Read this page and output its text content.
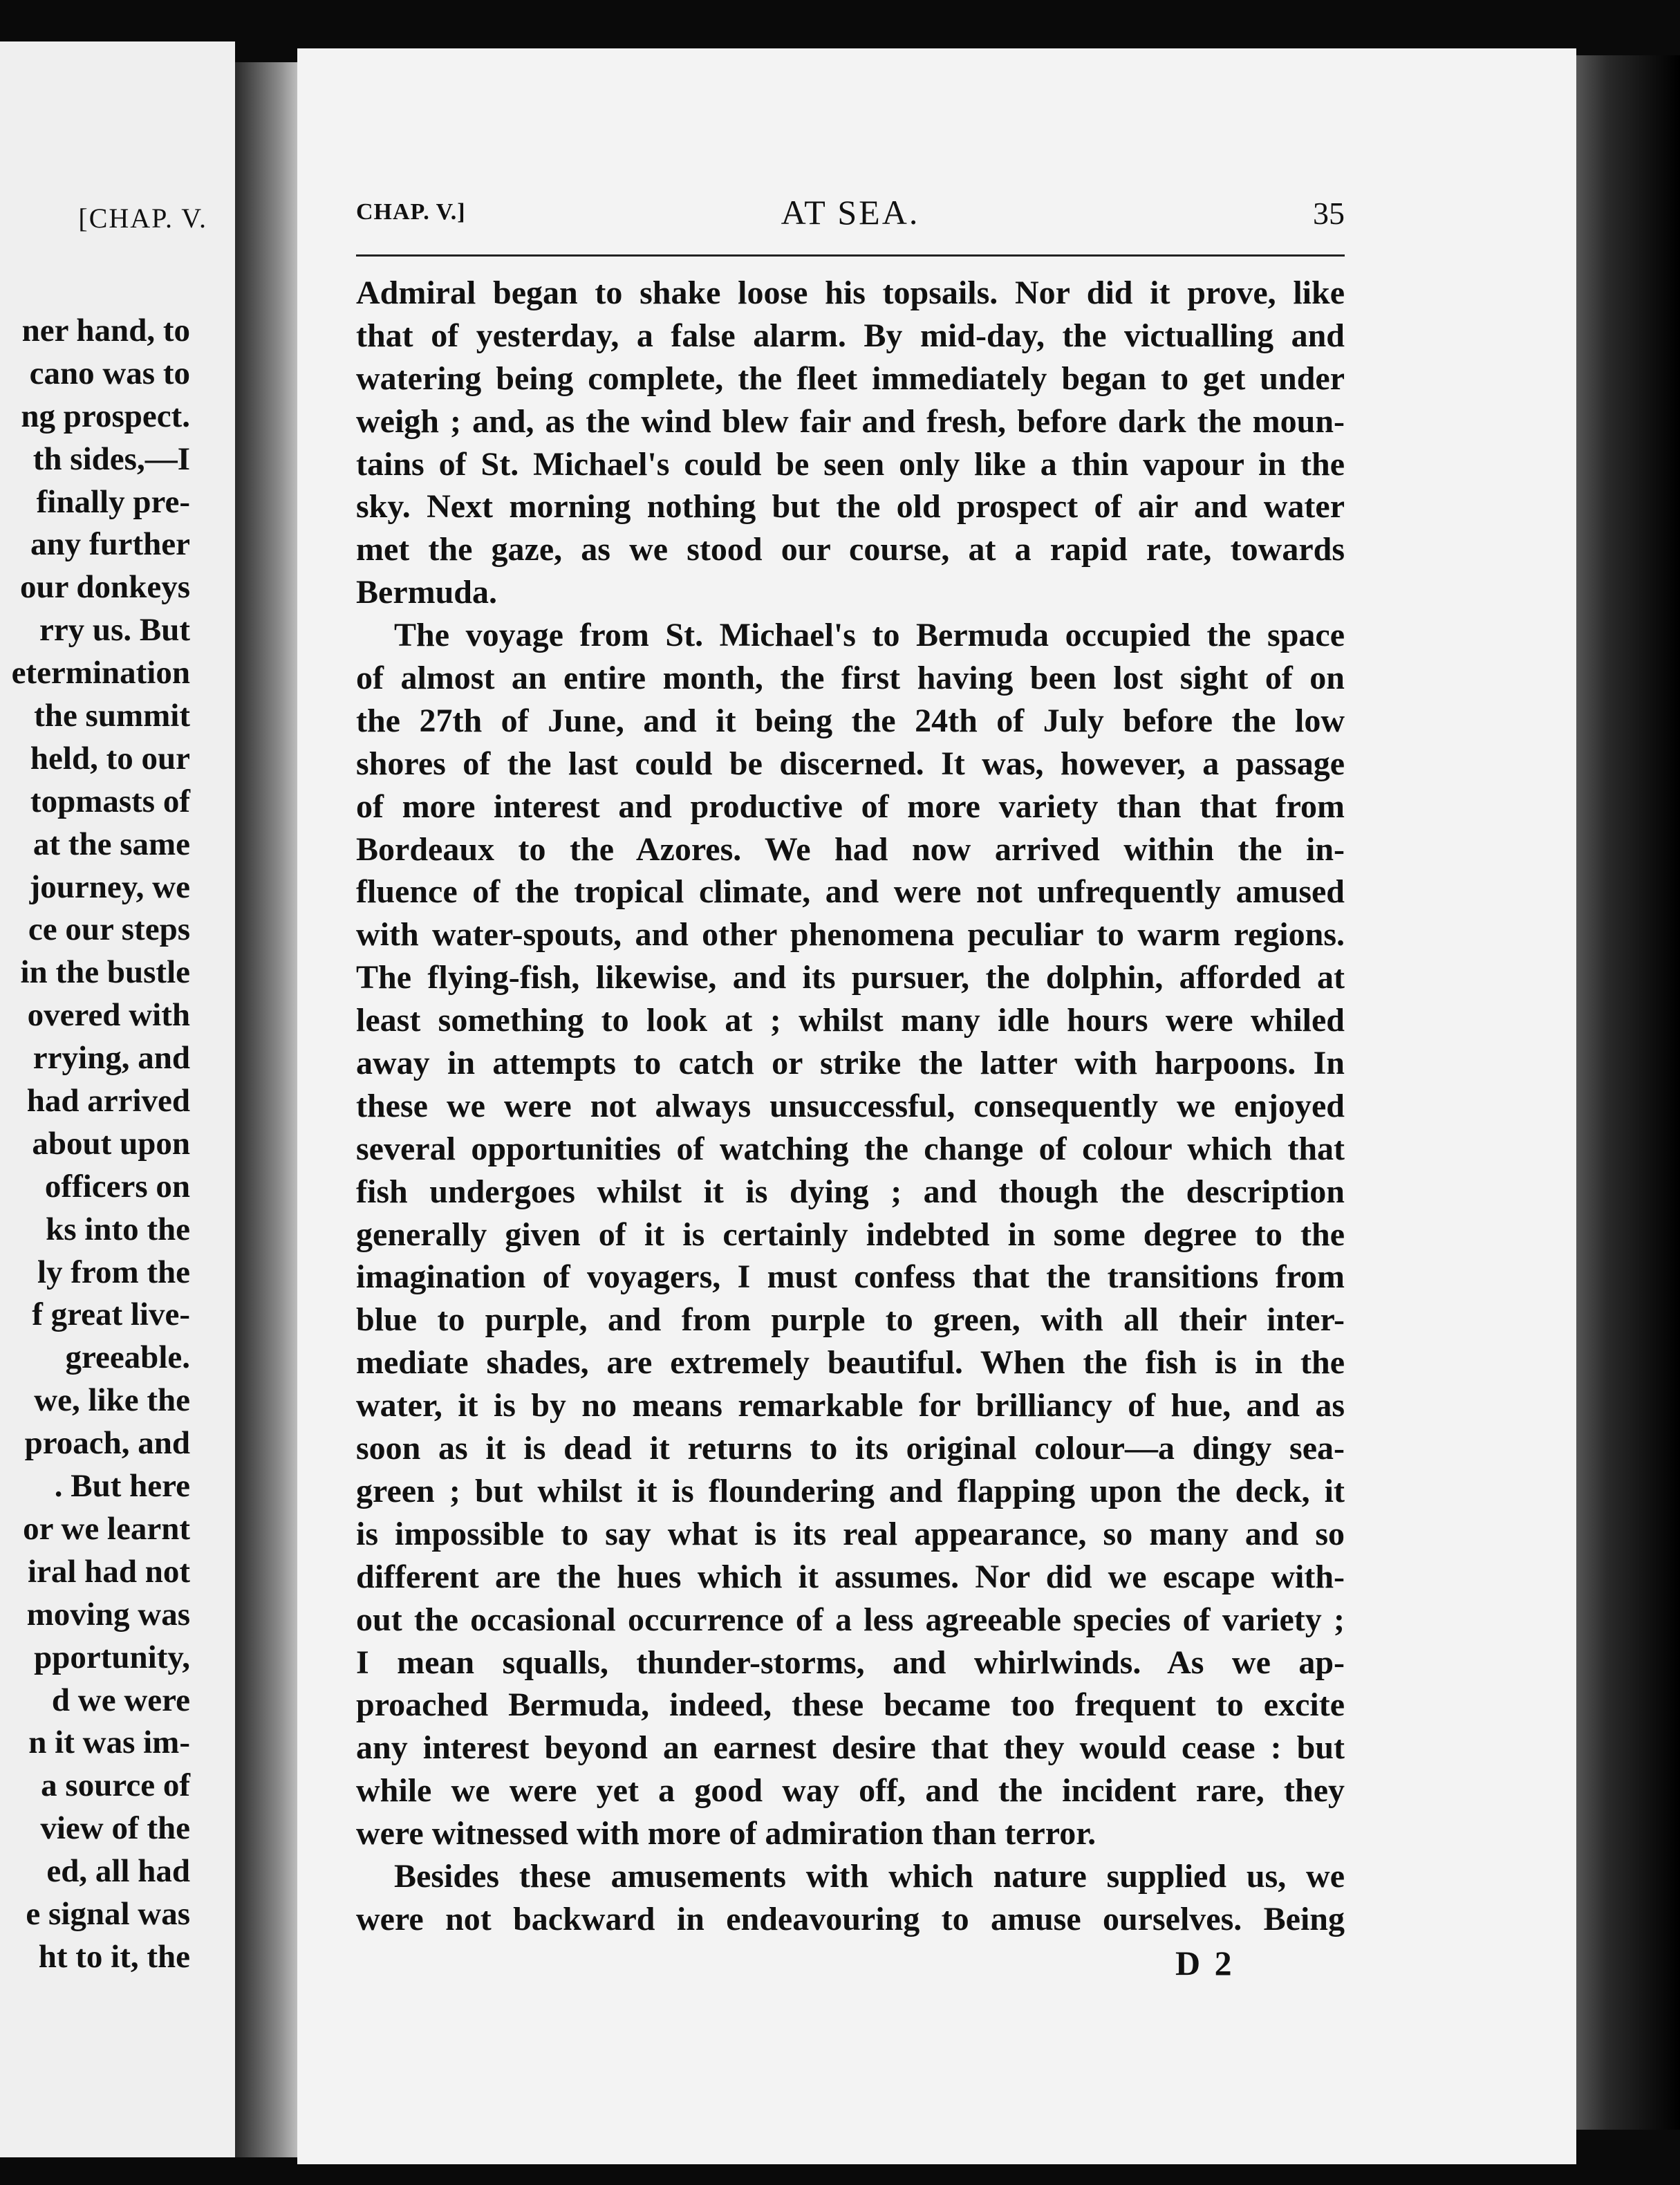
[CHAP. V.
ner hand, to
cano was to
ng prospect.
th sides,—I
finally pre-
any further
our donkeys
rry us. But
etermination
the summit
held, to our
topmasts of
at the same
journey, we
ce our steps
in the bustle
overed with
rrying, and
had arrived
about upon
officers on
ks into the
ly from the
f great live-
greeable.
we, like the
proach, and
. But here
or we learnt
iral had not
moving was
pportunity,
d we were
n it was im-
a source of
view of the
ed, all had
e signal was
ht to it, the
CHAP. V.]	AT SEA.	35
Admiral began to shake loose his topsails. Nor did it prove, like
that of yesterday, a false alarm. By mid-day, the victualling and
watering being complete, the fleet immediately began to get under
weigh ; and, as the wind blew fair and fresh, before dark the moun-
tains of St. Michael's could be seen only like a thin vapour in the
sky. Next morning nothing but the old prospect of air and water
met the gaze, as we stood our course, at a rapid rate, towards
Bermuda.
The voyage from St. Michael's to Bermuda occupied the space
of almost an entire month, the first having been lost sight of on
the 27th of June, and it being the 24th of July before the low
shores of the last could be discerned. It was, however, a passage
of more interest and productive of more variety than that from
Bordeaux to the Azores. We had now arrived within the in-
fluence of the tropical climate, and were not unfrequently amused
with water-spouts, and other phenomena peculiar to warm regions.
The flying-fish, likewise, and its pursuer, the dolphin, afforded at
least something to look at ; whilst many idle hours were whiled
away in attempts to catch or strike the latter with harpoons. In
these we were not always unsuccessful, consequently we enjoyed
several opportunities of watching the change of colour which that
fish undergoes whilst it is dying ; and though the description
generally given of it is certainly indebted in some degree to the
imagination of voyagers, I must confess that the transitions from
blue to purple, and from purple to green, with all their inter-
mediate shades, are extremely beautiful. When the fish is in the
water, it is by no means remarkable for brilliancy of hue, and as
soon as it is dead it returns to its original colour—a dingy sea-
green ; but whilst it is floundering and flapping upon the deck, it
is impossible to say what is its real appearance, so many and so
different are the hues which it assumes. Nor did we escape with-
out the occasional occurrence of a less agreeable species of variety ;
I mean squalls, thunder-storms, and whirlwinds. As we ap-
proached Bermuda, indeed, these became too frequent to excite
any interest beyond an earnest desire that they would cease : but
while we were yet a good way off, and the incident rare, they
were witnessed with more of admiration than terror.
Besides these amusements with which nature supplied us, we
were not backward in endeavouring to amuse ourselves. Being
D 2
